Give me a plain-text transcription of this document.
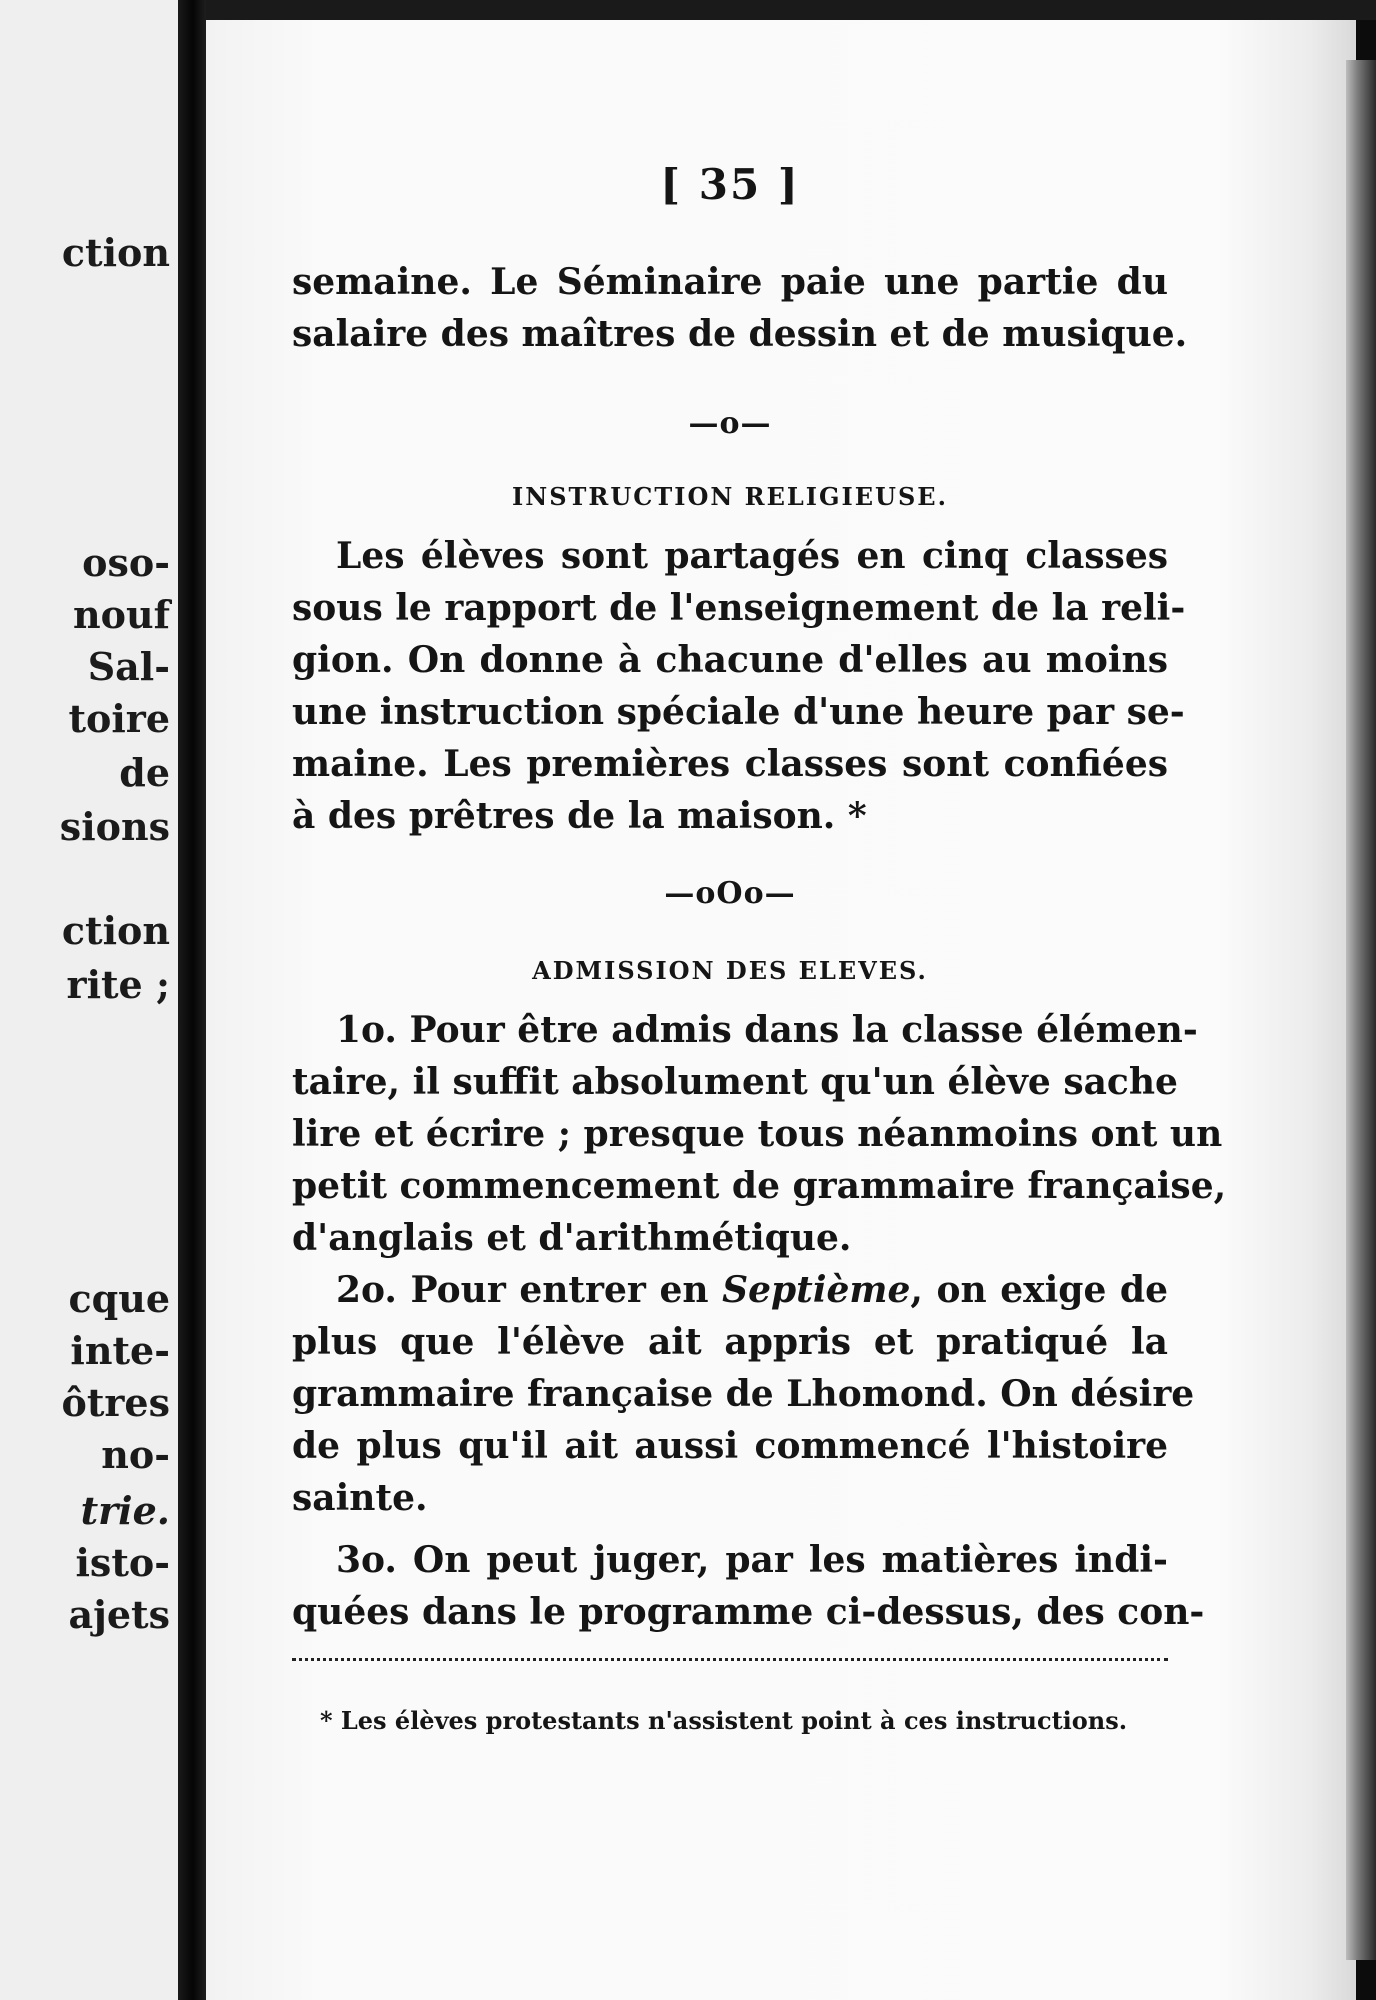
ction
oso-
nouf
Sal-
toire
de
sions
ction
rite ;
cque
inte-
ôtres
no-
trie.
isto-
ajets
[ 35 ]
semaine. Le Séminaire paie une partie du
salaire des maîtres de dessin et de musique.
—o—
INSTRUCTION RELIGIEUSE.
Les élèves sont partagés en cinq classes
sous le rapport de l'enseignement de la reli-
gion. On donne à chacune d'elles au moins
une instruction spéciale d'une heure par se-
maine. Les premières classes sont confiées
à des prêtres de la maison. *
—oOo—
ADMISSION DES ELEVES.
1o. Pour être admis dans la classe élémen-
taire, il suffit absolument qu'un élève sache
lire et écrire ; presque tous néanmoins ont un
petit commencement de grammaire française,
d'anglais et d'arithmétique.
2o. Pour entrer en Septième, on exige de
plus que l'élève ait appris et pratiqué la
grammaire française de Lhomond. On désire
de plus qu'il ait aussi commencé l'histoire
sainte.
3o. On peut juger, par les matières indi-
quées dans le programme ci-dessus, des con-
* Les élèves protestants n'assistent point à ces instructions.
